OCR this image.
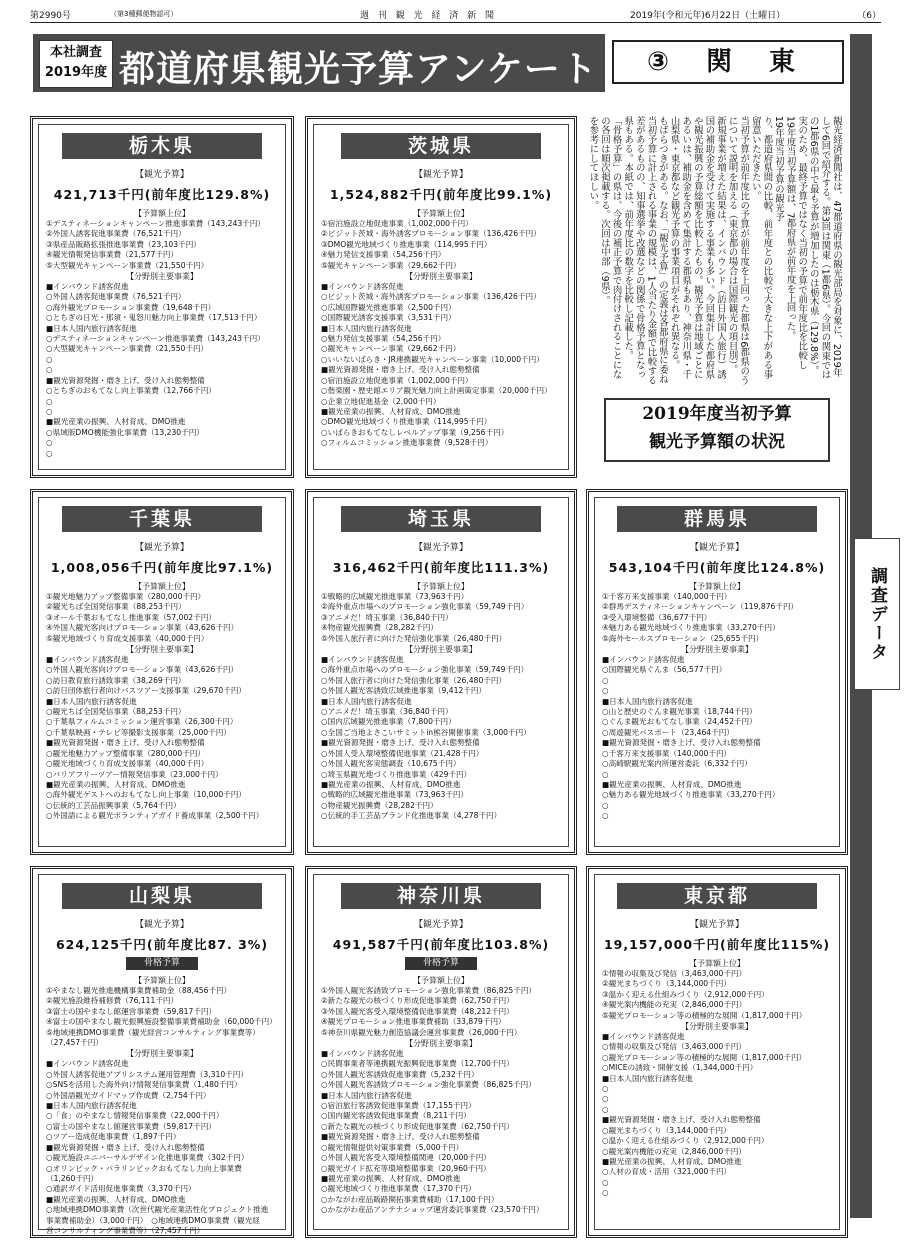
第2990号	（第3種郵便物認可）	週 刊 観 光 経 済 新 聞	2019年(令和元年)6月22日（土曜日）	（6）
本社調査
2019年度 都道府県観光予算アンケート	③ 関 東
調査データ
観光経済新聞社は、47都道府県の観光部局を対象に、2019年
して6回で紹介する。第3回は関東（1都6県）。今回の関東では
の1都6県の中で最も予算が増加したのは栃木県（129.8%）。
実のため、最終予算ではなく当初の予算で前年度比を比較し
19年度当初予算額は、7都府県が前年度を上回った。
19年度当初予算の観光予
り、都道府県間の比較、前年度との比較で大きな上下がある事
留意いただきたい。
当初予算が前年度比の予算が前年度を上回った都県は6都県のう
について説明を加える（東京都の場合は国際観光の項目別）。
新規事業が増えた結果は、インバウンド（訪日外国人旅行）誘
国の補助金を受けて実施する事業も多い。今回集計した都府県
や観光振興の予算総額を比較したもの。観光予算は地域ごとに
あるいは、補助金を含めて集計する都県もあり、神奈川県・千
山梨県・東京都など観光予算の事業項目がそれぞれ異なる。
もばらつきがある。なお、「観光予算」の定義は各都府県に委ね
当初予算に計上される事業の規模は、1人当たり金額で比較する
差があるものの、知事選挙や改選などの関係で骨格予算となっ
県もある。本紙では、前年度比の数字を比較し記載した。
「骨格予算」の県は、今後の補正予算で肉付けされることにな
の各回は順次掲載する。次回は中部（9県）。
を参考にしてほしい。
2019年度当初予算
観光予算額の状況
栃木県
【観光予算】
421,713千円(前年度比129.8%)
【予算額上位】
①デスティネーションキャンペーン推進事業費（143,243千円）
②外国人誘客促進事業費（76,521千円）
③県産品販路拡張推進事業費（23,103千円）
④観光情報発信事業費（21,577千円）
⑤大型観光キャンペーン事業費（21,550千円）
【分野別主要事業】
■インバウンド誘客促進
○外国人誘客促進事業費（76,521千円）
○海外観光プロモーション事業費（19,648千円）
○とちぎの日光・那須・鬼怒川魅力向上事業費（17,513千円）
■日本人国内旅行誘客促進
○デスティネーションキャンペーン推進事業費（143,243千円）
○大型観光キャンペーン事業費（21,550千円）
○
○
■観光資源発掘・磨き上げ、受け入れ態勢整備
○とちぎのおもてなし向上事業費（12,766千円）
○
○
■観光産業の振興、人材育成、DMO推進
○県域版DMO機能強化事業費（13,230千円）
○
○
茨城県
【観光予算】
1,524,882千円(前年度比99.1%)
【予算額上位】
①宿泊施設立地促進事業（1,002,000千円）
②ビジット茨城・海外誘客プロモーション事業（136,426千円）
③DMO観光地域づくり推進事業（114,995千円）
④魅力発信支援事業（54,256千円）
⑤観光キャンペーン事業（29,662千円）
【分野別主要事業】
■インバウンド誘客促進
○ビジット茨城・海外誘客プロモーション事業（136,426千円）
○広域国際観光推進事業（2,500千円）
○国際観光誘客支援事業（3,531千円）
■日本人国内旅行誘客促進
○魅力発信支援事業（54,256千円）
○観光キャンペーン事業（29,662千円）
○いいないばらき・JR連携観光キャンペーン事業（10,000千円）
■観光資源発掘・磨き上げ、受け入れ態勢整備
○宿泊施設立地促進事業（1,002,000千円）
○偕楽園・歴史館エリア観光魅力向上計画策定事業（20,000千円）
○企業立地促進基金（2,000千円）
■観光産業の振興、人材育成、DMO推進
○DMO観光地域づくり推進事業（114,995千円）
○いばらきおもてなしレベルアップ事業（9,256千円）
○フィルムコミッション推進事業費（9,528千円）
千葉県
【観光予算】
1,008,056千円(前年度比97.1%)
【予算額上位】
①観光地魅力アップ整備事業（280,000千円）
②観光ちば全国発信事業（88,253千円）
③オール千葉おもてなし推進事業（57,002千円）
④外国人観光客向けプロモーション事業（43,626千円）
⑤観光地域づくり育成支援事業（40,000千円）
【分野別主要事業】
■インバウンド誘客促進
○外国人観光客向けプロモーション事業（43,626千円）
○訪日教育旅行誘致事業（38,269千円）
○訪日団体旅行者向けバスツアー支援事業（29,670千円）
■日本人国内旅行誘客促進
○観光ちば全国発信事業（88,253千円）
○千葉県フィルムコミッション運営事業（26,300千円）
○千葉県映画・テレビ等撮影支援事業（25,000千円）
■観光資源発掘・磨き上げ、受け入れ態勢整備
○観光地魅力アップ整備事業（280,000千円）
○観光地域づくり育成支援事業（40,000千円）
○バリアフリーツアー情報発信事業（23,000千円）
■観光産業の振興、人材育成、DMO推進
○海外観光ゲストへのおもてなし向上事業（10,000千円）
○伝統的工芸品振興事業（5,764千円）
○外国語による観光ボランティアガイド養成事業（2,500千円）
埼玉県
【観光予算】
316,462千円(前年度比111.3%)
【予算額上位】
①戦略的広域観光推進事業（73,963千円）
②海外重点市場へのプロモーション強化事業（59,749千円）
③アニメだ！埼玉事業（36,840千円）
④物産観光振興費（28,282千円）
⑤外国人旅行者に向けた発信強化事業（26,480千円）
【分野別主要事業】
■インバウンド誘客促進
○海外重点市場へのプロモーション強化事業（59,749千円）
○外国人旅行者に向けた発信強化事業（26,480千円）
○外国人観光客誘致広域推進事業（9,412千円）
■日本人国内旅行誘客促進
○アニメだ！埼玉事業（36,840千円）
○国内広域観光推進事業（7,800千円）
○全国ご当地よさこいサミットin熊谷開催事業（3,000千円）
■観光資源発掘・磨き上げ、受け入れ態勢整備
○外国人受入環境整備促進事業（21,428千円）
○外国人観光客実態調査（10,675千円）
○埼玉県観光地づくり推進事業（429千円）
■観光産業の振興、人材育成、DMO推進
○戦略的広域観光推進事業（73,963千円）
○物産観光振興費（28,282千円）
○伝統的手工芸品ブランド化推進事業（4,278千円）
群馬県
【観光予算】
543,104千円(前年度比124.8%)
【予算額上位】
①千客万来支援事業（140,000千円）
②群馬デスティネーションキャンペーン（119,876千円）
③受入環境整備（36,677千円）
④魅力ある観光地域づくり推進事業（33,270千円）
⑤海外セールスプロモーション（25,655千円）
【分野別主要事業】
■インバウンド誘客促進
○国際観光県ぐんま（56,577千円）
○
○
■日本人国内旅行誘客促進
○山と歴史のぐんま観光事業（18,744千円）
○ぐんま観光おもてなし事業（24,452千円）
○周遊観光パスポート（23,464千円）
■観光資源発掘・磨き上げ、受け入れ態勢整備
○千客万来支援事業（140,000千円）
○高崎駅観光案内所運営委託（6,332千円）
○
■観光産業の振興、人材育成、DMO推進
○魅力ある観光地域づくり推進事業（33,270千円）
○
○
山梨県
【観光予算】
624,125千円(前年度比87. 3%)
骨格予算
【予算額上位】
①やまなし観光推進機構事業費補助金（88,456千円）
②観光施設維持補修費（76,111千円）
③富士の国やまなし館運営事業費（59,817千円）
④富士の国やまなし観光振興施設整備事業費補助金（60,000千円）
⑤地域連携DMO事業費（観光経営コンサルティング事業費等）
（27,457千円）
【分野別主要事業】
■インバウンド誘客促進
○外国人誘客促進アプリシステム運用管理費（3,310千円）
○SNSを活用した海外向け情報発信事業費（1,480千円）
○外国語観光ガイドマップ作成費（2,754千円）
■日本人国内旅行誘客促進
○「食」のやまなし情報発信事業費（22,000千円）
○富士の国やまなし館運営事業費（59,817千円）
○ツアー造成促進事業費（1,897千円）
■観光資源発掘・磨き上げ、受け入れ態勢整備
○観光施設ユニバーサルデザイン化推進事業費（302千円）
○オリンピック・パラリンピックおもてなし力向上事業費
（1,260千円）
○通訳ガイド活用促進事業費（3,370千円）
■観光産業の振興、人材育成、DMO推進
○地域連携DMO事業費（次世代観光産業活性化プロジェクト推進
事業費補助金）（3,000千円）　○地域連携DMO事業費（観光経
営コンサルティング事業費等）（27,457千円）
神奈川県
【観光予算】
491,587千円(前年度比103.8%)
骨格予算
【予算額上位】
①外国人観光客誘致プロモーション強化事業費（86,825千円）
②新たな観光の核づくり形成促進事業費（62,750千円）
③外国人観光客受入環境整備促進事業費（48,212千円）
④観光プロモーション推進事業費補助（33,879千円）
⑤神奈川県観光魅力創造協議会運営事業費（26,000千円）
【分野別主要事業】
■インバウンド誘客促進
○民間事業者等連携観光振興促進事業費（12,700千円）
○外国人観光客誘致促進事業費（5,232千円）
○外国人観光客誘致プロモーション強化事業費（86,825千円）
■日本人国内旅行誘客促進
○宿泊旅行客誘致促進事業費（17,155千円）
○国内観光客誘致促進事業費（8,211千円）
○新たな観光の核づくり形成促進事業費（62,750千円）
■観光資源発掘・磨き上げ、受け入れ態勢整備
○観光情報提供対策事業費（5,000千円）
○外国人観光客受入環境整備関連（20,000千円）
○観光ガイド拡充等環境整備事業（20,960千円）
■観光産業の振興、人材育成、DMO推進
○観光地域づくり推進事業費（17,370千円）
○かながわ産品販路開拓事業費補助（17,100千円）
○かながわ産品アンテナショップ運営委託事業費（23,570千円）
東京都
【観光予算】
19,157,000千円(前年度比115%)
【予算額上位】
①情報の収集及び発信（3,463,000千円）
②観光まちづくり（3,144,000千円）
③温かく迎える仕組みづくり（2,912,000千円）
④観光案内機能の充実（2,846,000千円）
⑤観光プロモーション等の積極的な展開（1,817,000千円）
【分野別主要事業】
■インバウンド誘客促進
○情報の収集及び発信（3,463,000千円）
○観光プロモーション等の積極的な展開（1,817,000千円）
○MICEの誘致・開催支援（1,344,000千円）
■日本人国内旅行誘客促進
○
○
○
■観光資源発掘・磨き上げ、受け入れ態勢整備
○観光まちづくり（3,144,000千円）
○温かく迎える仕組みづくり（2,912,000千円）
○観光案内機能の充実（2,846,000千円）
■観光産業の振興、人材育成、DMO推進
○人材の育成・活用（321,000千円）
○
○
